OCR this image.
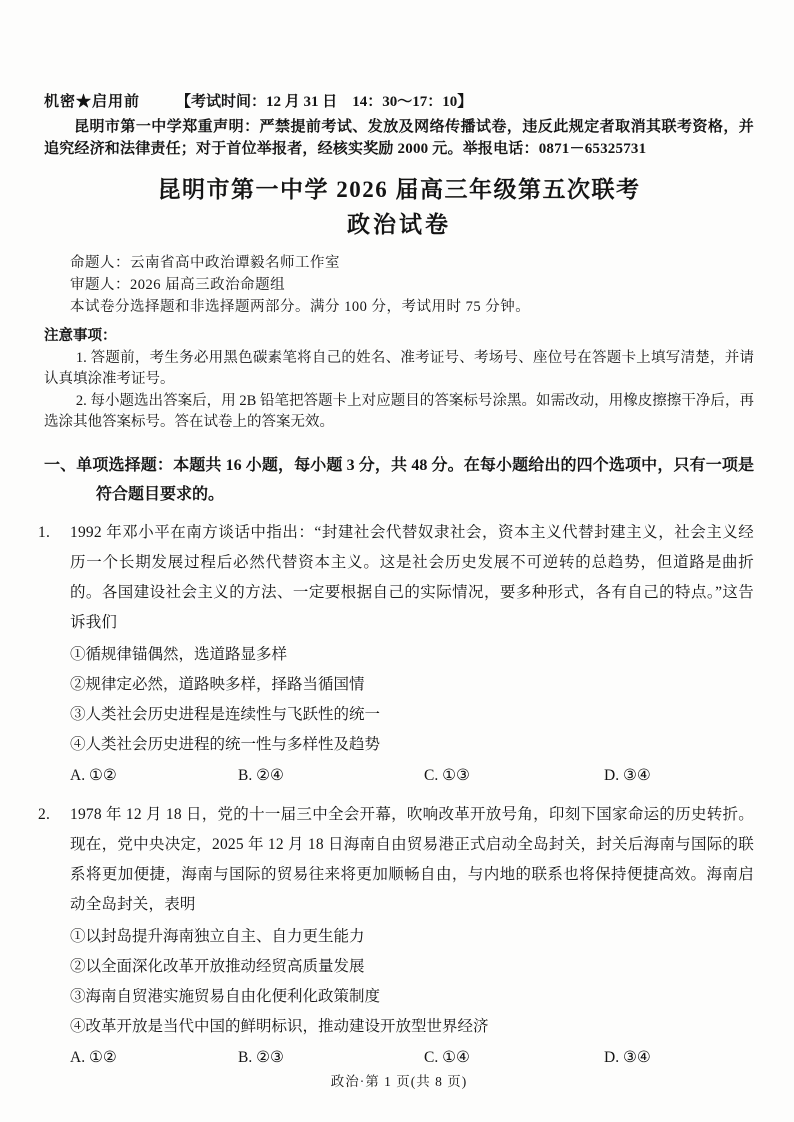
机密★启用前 【考试时间：12 月 31 日　14：30～17：10】

昆明市第一中学郑重声明：严禁提前考试、发放及网络传播试卷，违反此规定者取消其联考资格，并追究经济和法律责任；对于首位举报者，经核实奖励 2000 元。举报电话：0871－65325731

昆明市第一中学 2026 届高三年级第五次联考
政治试卷

命题人：云南省高中政治谭毅名师工作室

审题人：2026 届高三政治命题组

本试卷分选择题和非选择题两部分。满分 100 分，考试用时 75 分钟。

注意事项：

1. 答题前，考生务必用黑色碳素笔将自己的姓名、准考证号、考场号、座位号在答题卡上填写清楚，并请认真填涂准考证号。

2. 每小题选出答案后，用 2B 铅笔把答题卡上对应题目的答案标号涂黑。如需改动，用橡皮擦擦干净后，再选涂其他答案标号。答在试卷上的答案无效。

一、单项选择题：本题共 16 小题，每小题 3 分，共 48 分。在每小题给出的四个选项中，只有一项是符合题目要求的。

1. 1992 年邓小平在南方谈话中指出：“封建社会代替奴隶社会，资本主义代替封建主义，社会主义经历一个长期发展过程后必然代替资本主义。这是社会历史发展不可逆转的总趋势，但道路是曲折的。各国建设社会主义的方法、一定要根据自己的实际情况，要多种形式，各有自己的特点。”这告诉我们

①循规律锚偶然，选道路显多样
②规律定必然，道路映多样，择路当循国情
③人类社会历史进程是连续性与飞跃性的统一
④人类社会历史进程的统一性与多样性及趋势
A. ①②	B. ②④	C. ①③	D. ③④

2. 1978 年 12 月 18 日，党的十一届三中全会开幕，吹响改革开放号角，印刻下国家命运的历史转折。现在，党中央决定，2025 年 12 月 18 日海南自由贸易港正式启动全岛封关，封关后海南与国际的联系将更加便捷，海南与国际的贸易往来将更加顺畅自由，与内地的联系也将保持便捷高效。海南启动全岛封关，表明

①以封岛提升海南独立自主、自力更生能力
②以全面深化改革开放推动经贸高质量发展
③海南自贸港实施贸易自由化便利化政策制度
④改革开放是当代中国的鲜明标识，推动建设开放型世界经济
A. ①②	B. ②③	C. ①④	D. ③④

政治·第 1 页(共 8 页)
